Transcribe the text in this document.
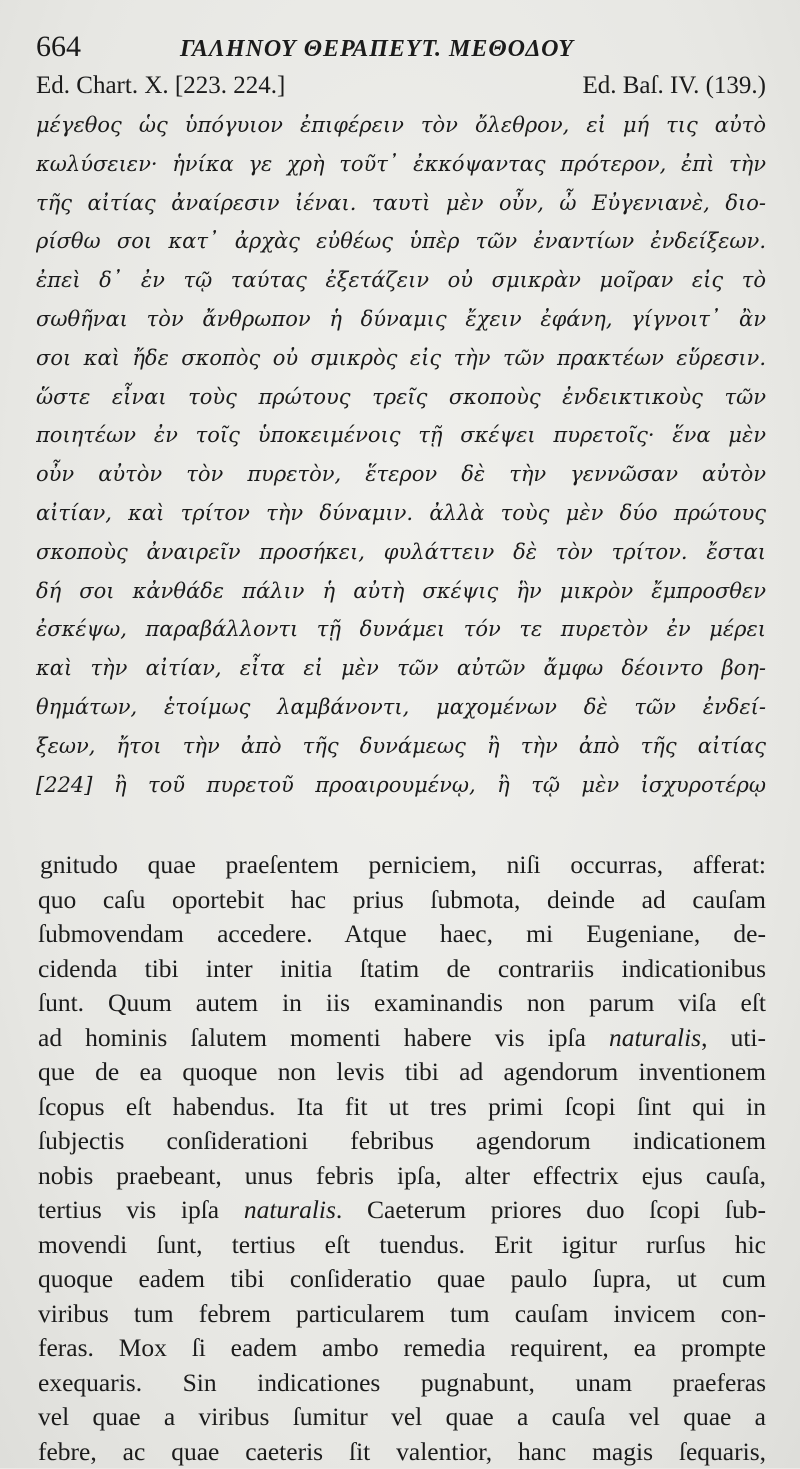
664	ΓΑΛΗΝΟΥ ΘΕΡΑΠΕΥΤ. ΜΕΘΟΔΟΥ
Ed. Chart. X. [223. 224.]	Ed. Baſ. IV. (139.)
μέγεθος ὡς ὑπόγυιον ἐπιφέρειν τὸν ὄλεθρον, εἰ μή τις αὐτὸ
κωλύσειεν· ἡνίκα γε χρὴ τοῦτ᾽ ἐκκόψαντας πρότερον, ἐπὶ τὴν
τῆς αἰτίας ἀναίρεσιν ἰέναι. ταυτὶ μὲν οὖν, ὦ Εὐγενιανὲ, διο-
ρίσθω σοι κατ᾽ ἀρχὰς εὐθέως ὑπὲρ τῶν ἐναντίων ἐνδείξεων.
ἐπεὶ δ᾽ ἐν τῷ ταύτας ἐξετάζειν οὐ σμικρὰν μοῖραν εἰς τὸ
σωθῆναι τὸν ἄνθρωπον ἡ δύναμις ἔχειν ἐφάνη, γίγνοιτ᾽ ἂν
σοι καὶ ἤδε σκοπὸς οὐ σμικρὸς εἰς τὴν τῶν πρακτέων εὕρεσιν.
ὥστε εἶναι τοὺς πρώτους τρεῖς σκοποὺς ἐνδεικτικοὺς τῶν
ποιητέων ἐν τοῖς ὑποκειμένοις τῇ σκέψει πυρετοῖς· ἕνα μὲν
οὖν αὐτὸν τὸν πυρετὸν, ἕτερον δὲ τὴν γεννῶσαν αὐτὸν
αἰτίαν, καὶ τρίτον τὴν δύναμιν. ἀλλὰ τοὺς μὲν δύο πρώτους
σκοποὺς ἀναιρεῖν προσήκει, φυλάττειν δὲ τὸν τρίτον. ἔσται
δή σοι κἀνθάδε πάλιν ἡ αὐτὴ σκέψις ἣν μικρὸν ἔμπροσθεν
ἐσκέψω, παραβάλλοντι τῇ δυνάμει τόν τε πυρετὸν ἐν μέρει
καὶ τὴν αἰτίαν, εἶτα εἰ μὲν τῶν αὐτῶν ἄμφω δέοιντο βοη-
θημάτων, ἑτοίμως λαμβάνοντι, μαχομένων δὲ τῶν ἐνδεί-
ξεων, ἤτοι τὴν ἀπὸ τῆς δυνάμεως ἢ τὴν ἀπὸ τῆς αἰτίας
[224] ἢ τοῦ πυρετοῦ προαιρουμένῳ, ἢ τῷ μὲν ἰσχυροτέρῳ
gnitudo quae praeſentem perniciem, niſi occurras, afferat:
quo caſu oportebit hac prius ſubmota, deinde ad cauſam
ſubmovendam accedere. Atque haec, mi Eugeniane, de-
cidenda tibi inter initia ſtatim de contrariis indicationibus
ſunt. Quum autem in iis examinandis non parum viſa eſt
ad hominis ſalutem momenti habere vis ipſa naturalis, uti-
que de ea quoque non levis tibi ad agendorum inventionem
ſcopus eſt habendus. Ita fit ut tres primi ſcopi ſint qui in
ſubjectis conſiderationi febribus agendorum indicationem
nobis praebeant, unus febris ipſa, alter effectrix ejus cauſa,
tertius vis ipſa naturalis. Caeterum priores duo ſcopi ſub-
movendi ſunt, tertius eſt tuendus. Erit igitur rurſus hic
quoque eadem tibi conſideratio quae paulo ſupra, ut cum
viribus tum febrem particularem tum cauſam invicem con-
feras. Mox ſi eadem ambo remedia requirent, ea prompte
exequaris. Sin indicationes pugnabunt, unam praeferas
vel quae a viribus ſumitur vel quae a cauſa vel quae a
febre, ac quae caeteris ſit valentior, hanc magis ſequaris,
